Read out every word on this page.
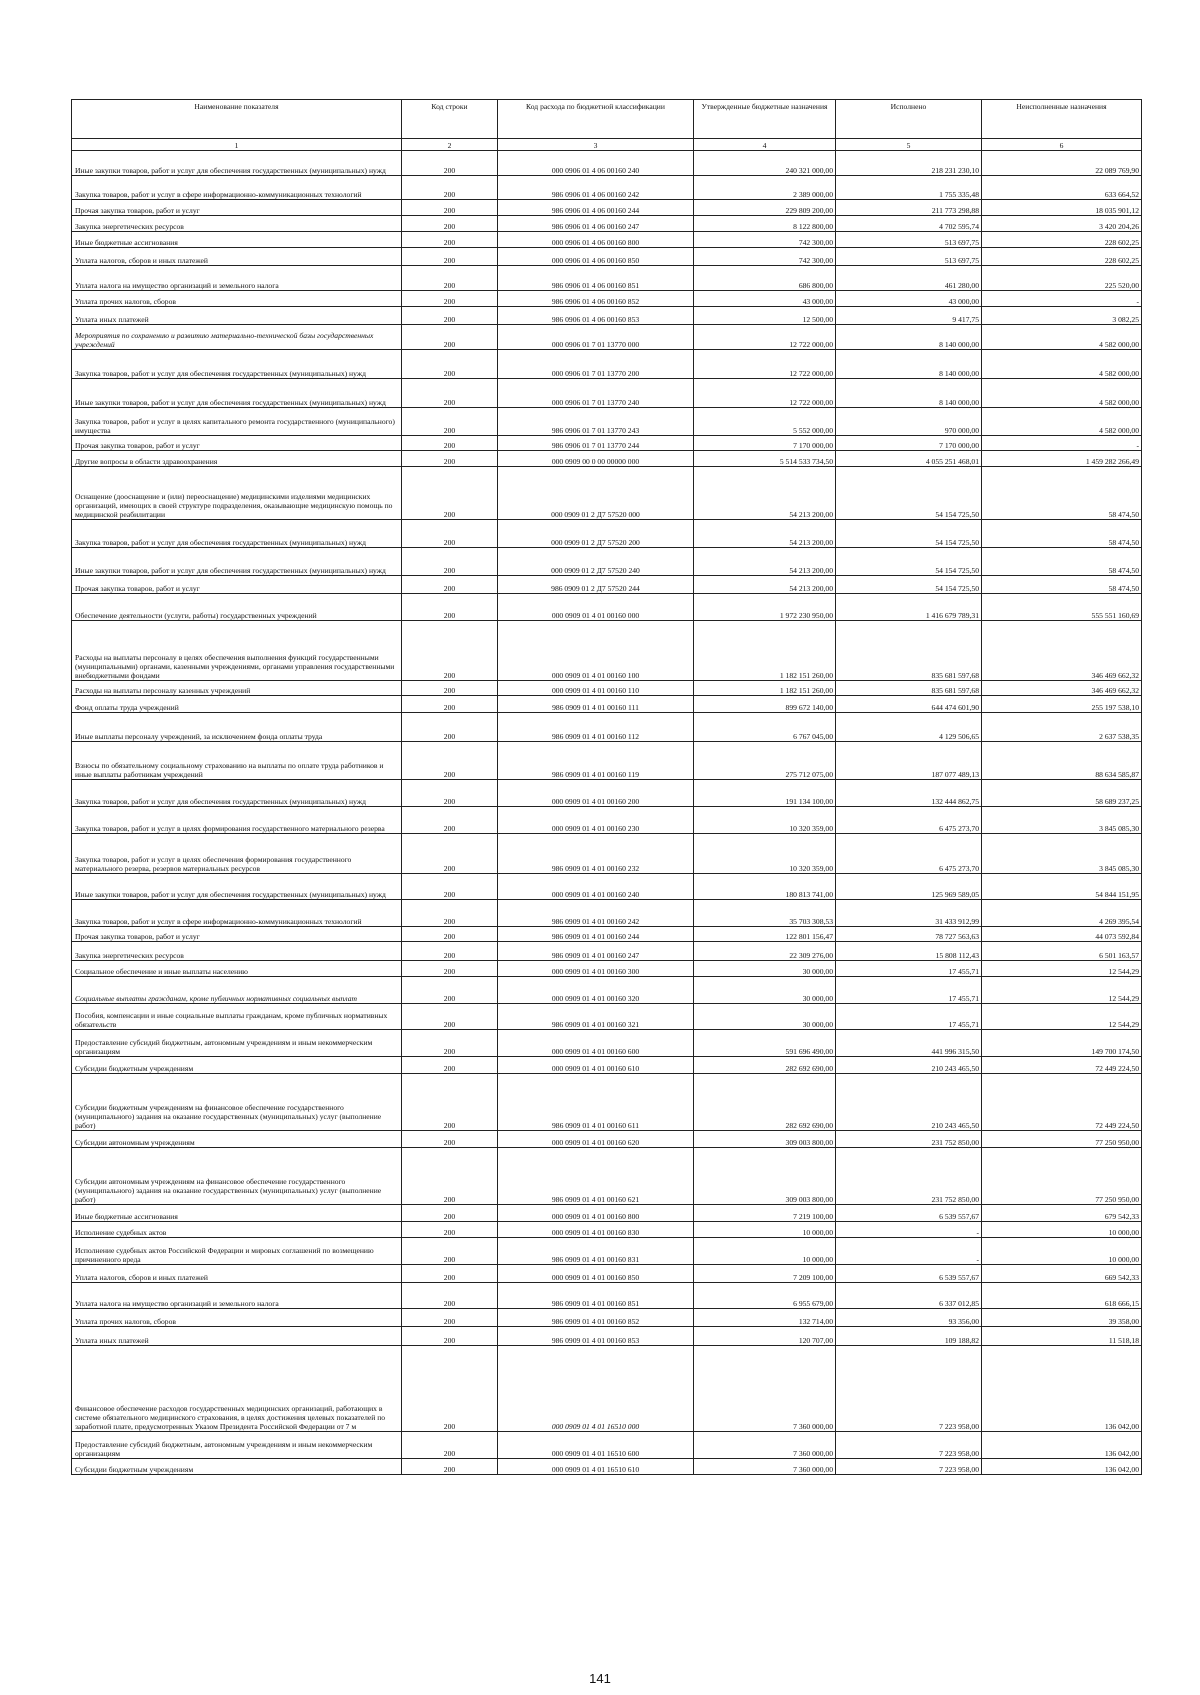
Наименование показателя	Код строки	Код расхода по бюджетной классификации	Утвержденные бюджетные назначения	Исполнено	Неисполненные назначения
1	2	3	4	5	6
Иные закупки товаров, работ и услуг для обеспечения государственных (муниципальных) нужд	200	000 0906 01 4 06 00160 240	240 321 000,00	218 231 230,10	22 089 769,90
Закупка товаров, работ и услуг в сфере информационно-коммуникационных технологий	200	986 0906 01 4 06 00160 242	2 389 000,00	1 755 335,48	633 664,52
Прочая закупка товаров, работ и услуг	200	986 0906 01 4 06 00160 244	229 809 200,00	211 773 298,88	18 035 901,12
Закупка энергетических ресурсов	200	986 0906 01 4 06 00160 247	8 122 800,00	4 702 595,74	3 420 204,26
Иные бюджетные ассигнования	200	000 0906 01 4 06 00160 800	742 300,00	513 697,75	228 602,25
Уплата налогов, сборов и иных платежей	200	000 0906 01 4 06 00160 850	742 300,00	513 697,75	228 602,25
Уплата налога на имущество организаций и земельного налога	200	986 0906 01 4 06 00160 851	686 800,00	461 280,00	225 520,00
Уплата прочих налогов, сборов	200	986 0906 01 4 06 00160 852	43 000,00	43 000,00	-
Уплата иных платежей	200	986 0906 01 4 06 00160 853	12 500,00	9 417,75	3 082,25
Мероприятия по сохранению и развитию материально-технической базы государственных учреждений	200	000 0906 01 7 01 13770 000	12 722 000,00	8 140 000,00	4 582 000,00
Закупка товаров, работ и услуг для обеспечения государственных (муниципальных) нужд	200	000 0906 01 7 01 13770 200	12 722 000,00	8 140 000,00	4 582 000,00
Иные закупки товаров, работ и услуг для обеспечения государственных (муниципальных) нужд	200	000 0906 01 7 01 13770 240	12 722 000,00	8 140 000,00	4 582 000,00
Закупка товаров, работ и услуг в целях капитального ремонта государственного (муниципального) имущества	200	986 0906 01 7 01 13770 243	5 552 000,00	970 000,00	4 582 000,00
Прочая закупка товаров, работ и услуг	200	986 0906 01 7 01 13770 244	7 170 000,00	7 170 000,00	-
Другие вопросы в области здравоохранения	200	000 0909 00 0 00 00000 000	5 514 533 734,50	4 055 251 468,01	1 459 282 266,49
Оснащение (дооснащение и (или) переоснащение) медицинскими изделиями медицинских организаций, имеющих в своей структуре подразделения, оказывающие медицинскую помощь по медицинской реабилитации	200	000 0909 01 2 Д7 57520 000	54 213 200,00	54 154 725,50	58 474,50
Закупка товаров, работ и услуг для обеспечения государственных (муниципальных) нужд	200	000 0909 01 2 Д7 57520 200	54 213 200,00	54 154 725,50	58 474,50
Иные закупки товаров, работ и услуг для обеспечения государственных (муниципальных) нужд	200	000 0909 01 2 Д7 57520 240	54 213 200,00	54 154 725,50	58 474,50
Прочая закупка товаров, работ и услуг	200	986 0909 01 2 Д7 57520 244	54 213 200,00	54 154 725,50	58 474,50
Обеспечение деятельности (услуги, работы) государственных учреждений	200	000 0909 01 4 01 00160 000	1 972 230 950,00	1 416 679 789,31	555 551 160,69
Расходы на выплаты персоналу в целях обеспечения выполнения функций государственными (муниципальными) органами, казенными учреждениями, органами управления государственными внебюджетными фондами	200	000 0909 01 4 01 00160 100	1 182 151 260,00	835 681 597,68	346 469 662,32
Расходы на выплаты персоналу казенных учреждений	200	000 0909 01 4 01 00160 110	1 182 151 260,00	835 681 597,68	346 469 662,32
Фонд оплаты труда учреждений	200	986 0909 01 4 01 00160 111	899 672 140,00	644 474 601,90	255 197 538,10
Иные выплаты персоналу учреждений, за исключением фонда оплаты труда	200	986 0909 01 4 01 00160 112	6 767 045,00	4 129 506,65	2 637 538,35
Взносы по обязательному социальному страхованию на выплаты по оплате труда работников и иные выплаты работникам учреждений	200	986 0909 01 4 01 00160 119	275 712 075,00	187 077 489,13	88 634 585,87
Закупка товаров, работ и услуг для обеспечения государственных (муниципальных) нужд	200	000 0909 01 4 01 00160 200	191 134 100,00	132 444 862,75	58 689 237,25
Закупка товаров, работ и услуг в целях формирования государственного материального резерва	200	000 0909 01 4 01 00160 230	10 320 359,00	6 475 273,70	3 845 085,30
Закупка товаров, работ и услуг в целях обеспечения формирования государственного материального резерва, резервов материальных ресурсов	200	986 0909 01 4 01 00160 232	10 320 359,00	6 475 273,70	3 845 085,30
Иные закупки товаров, работ и услуг для обеспечения государственных (муниципальных) нужд	200	000 0909 01 4 01 00160 240	180 813 741,00	125 969 589,05	54 844 151,95
Закупка товаров, работ и услуг в сфере информационно-коммуникационных технологий	200	986 0909 01 4 01 00160 242	35 703 308,53	31 433 912,99	4 269 395,54
Прочая закупка товаров, работ и услуг	200	986 0909 01 4 01 00160 244	122 801 156,47	78 727 563,63	44 073 592,84
Закупка энергетических ресурсов	200	986 0909 01 4 01 00160 247	22 309 276,00	15 808 112,43	6 501 163,57
Социальное обеспечение и иные выплаты населению	200	000 0909 01 4 01 00160 300	30 000,00	17 455,71	12 544,29
Социальные выплаты гражданам, кроме публичных нормативных социальных выплат	200	000 0909 01 4 01 00160 320	30 000,00	17 455,71	12 544,29
Пособия, компенсации и иные социальные выплаты гражданам, кроме публичных нормативных обязательств	200	986 0909 01 4 01 00160 321	30 000,00	17 455,71	12 544,29
Предоставление субсидий бюджетным, автономным учреждениям и иным некоммерческим организациям	200	000 0909 01 4 01 00160 600	591 696 490,00	441 996 315,50	149 700 174,50
Субсидии бюджетным учреждениям	200	000 0909 01 4 01 00160 610	282 692 690,00	210 243 465,50	72 449 224,50
Субсидии бюджетным учреждениям на финансовое обеспечение государственного (муниципального) задания на оказание государственных (муниципальных) услуг (выполнение работ)	200	986 0909 01 4 01 00160 611	282 692 690,00	210 243 465,50	72 449 224,50
Субсидии автономным учреждениям	200	000 0909 01 4 01 00160 620	309 003 800,00	231 752 850,00	77 250 950,00
Субсидии автономным учреждениям на финансовое обеспечение государственного (муниципального) задания на оказание государственных (муниципальных) услуг (выполнение работ)	200	986 0909 01 4 01 00160 621	309 003 800,00	231 752 850,00	77 250 950,00
Иные бюджетные ассигнования	200	000 0909 01 4 01 00160 800	7 219 100,00	6 539 557,67	679 542,33
Исполнение судебных актов	200	000 0909 01 4 01 00160 830	10 000,00	-	10 000,00
Исполнение судебных актов Российской Федерации и мировых соглашений по возмещению причиненного вреда	200	986 0909 01 4 01 00160 831	10 000,00	-	10 000,00
Уплата налогов, сборов и иных платежей	200	000 0909 01 4 01 00160 850	7 209 100,00	6 539 557,67	669 542,33
Уплата налога на имущество организаций и земельного налога	200	986 0909 01 4 01 00160 851	6 955 679,00	6 337 012,85	618 666,15
Уплата прочих налогов, сборов	200	986 0909 01 4 01 00160 852	132 714,00	93 356,00	39 358,00
Уплата иных платежей	200	986 0909 01 4 01 00160 853	120 707,00	109 188,82	11 518,18
Финансовое обеспечение расходов государственных медицинских организаций, работающих в системе обязательного медицинского страхования, в целях достижения целевых показателей по заработной плате, предусмотренных Указом Президента Российской Федерации от 7 м	200	000 0909 01 4 01 16510 000	7 360 000,00	7 223 958,00	136 042,00
Предоставление субсидий бюджетным, автономным учреждениям и иным некоммерческим организациям	200	000 0909 01 4 01 16510 600	7 360 000,00	7 223 958,00	136 042,00
Субсидии бюджетным учреждениям	200	000 0909 01 4 01 16510 610	7 360 000,00	7 223 958,00	136 042,00
141
